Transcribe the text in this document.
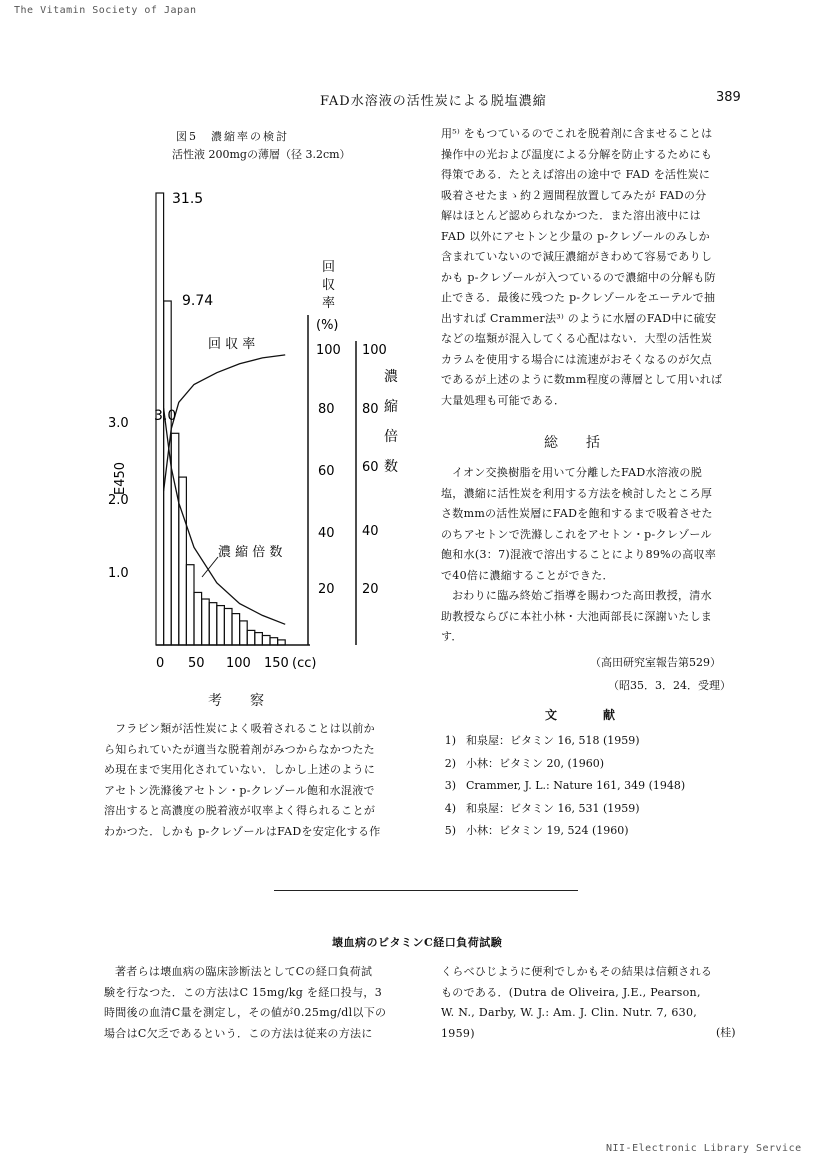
The Vitamin Society of Japan
FAD水溶液の活性炭による脱塩濃縮	389
図5　濃縮率の検討
活性液 200mgの薄層（径 3.2cm）
1.0
2.0
3.0 3.0
E450
20
40
60
80
100
回
収
率
(%)
20
40
60
80
100
濃
縮
倍
数
31.5
9.74
回 収 率
濃 縮 倍 数
0 50 100 150 (cc)

用⁵⁾ をもつているのでこれを脱着剤に含ませることは

操作中の光および温度による分解を防止するためにも

得策である．たとえば溶出の途中で FAD を活性炭に

吸着させたまゝ約２週間程放置してみたが FADの分

解はほとんど認められなかつた．また溶出液中には

FAD 以外にアセトンと少量の p-クレゾールのみしか

含まれていないので減圧濃縮がきわめて容易でありし

かも p-クレゾールが入つているので濃縮中の分解も防

止できる．最後に残つた p-クレゾールをエーテルで抽

出すれば Crammer法³⁾ のように水層のFAD中に硫安

などの塩類が混入してくる心配はない．大型の活性炭

カラムを使用する場合には流速がおそくなるのが欠点

であるが上述のように数mm程度の薄層として用いれば

大量処理も可能である．

総括

イオン交換樹脂を用いて分離したFAD水溶液の脱

塩，濃縮に活性炭を利用する方法を検討したところ厚

さ数mmの活性炭層にFADを飽和するまで吸着させた

のちアセトンで洗滌しこれをアセトン・p-クレゾール

飽和水(3：7)混液で溶出することにより89%の高収率

で40倍に濃縮することができた．

おわりに臨み終始ご指導を賜わつた高田教授，清水

助教授ならびに本社小林・大池両部長に深謝いたしま

す．

（高田研究室報告第529）
（昭35．3．24．受理）
文献
1) 和泉屋：ビタミン 16, 518 (1959)
2) 小林：ビタミン 20, (1960)
3) Crammer, J. L.: Nature 161, 349 (1948)
4) 和泉屋：ビタミン 16, 531 (1959)
5) 小林：ビタミン 19, 524 (1960)
考察

フラビン類が活性炭によく吸着されることは以前か

ら知られていたが適当な脱着剤がみつからなかつたた

め現在まで実用化されていない．しかし上述のように

アセトン洗滌後アセトン・p-クレゾール飽和水混液で

溶出すると高濃度の脱着液が収率よく得られることが

わかつた．しかも p-クレゾールはFADを安定化する作

壊血病のビタミンC経口負荷試験

著者らは壊血病の臨床診断法としてCの経口負荷試

験を行なつた．この方法はC 15mg/kg を経口投与，3

時間後の血清C量を測定し，その値が0.25mg/dl以下の

場合はC欠乏であるという．この方法は従来の方法に

くらべひじように便利でしかもその結果は信頼される

ものである．(Dutra de Oliveira, J.E., Pearson,

W. N., Darby, W. J.: Am. J. Clin. Nutr. 7, 630,

1959)	(桂)
NII-Electronic Library Service
